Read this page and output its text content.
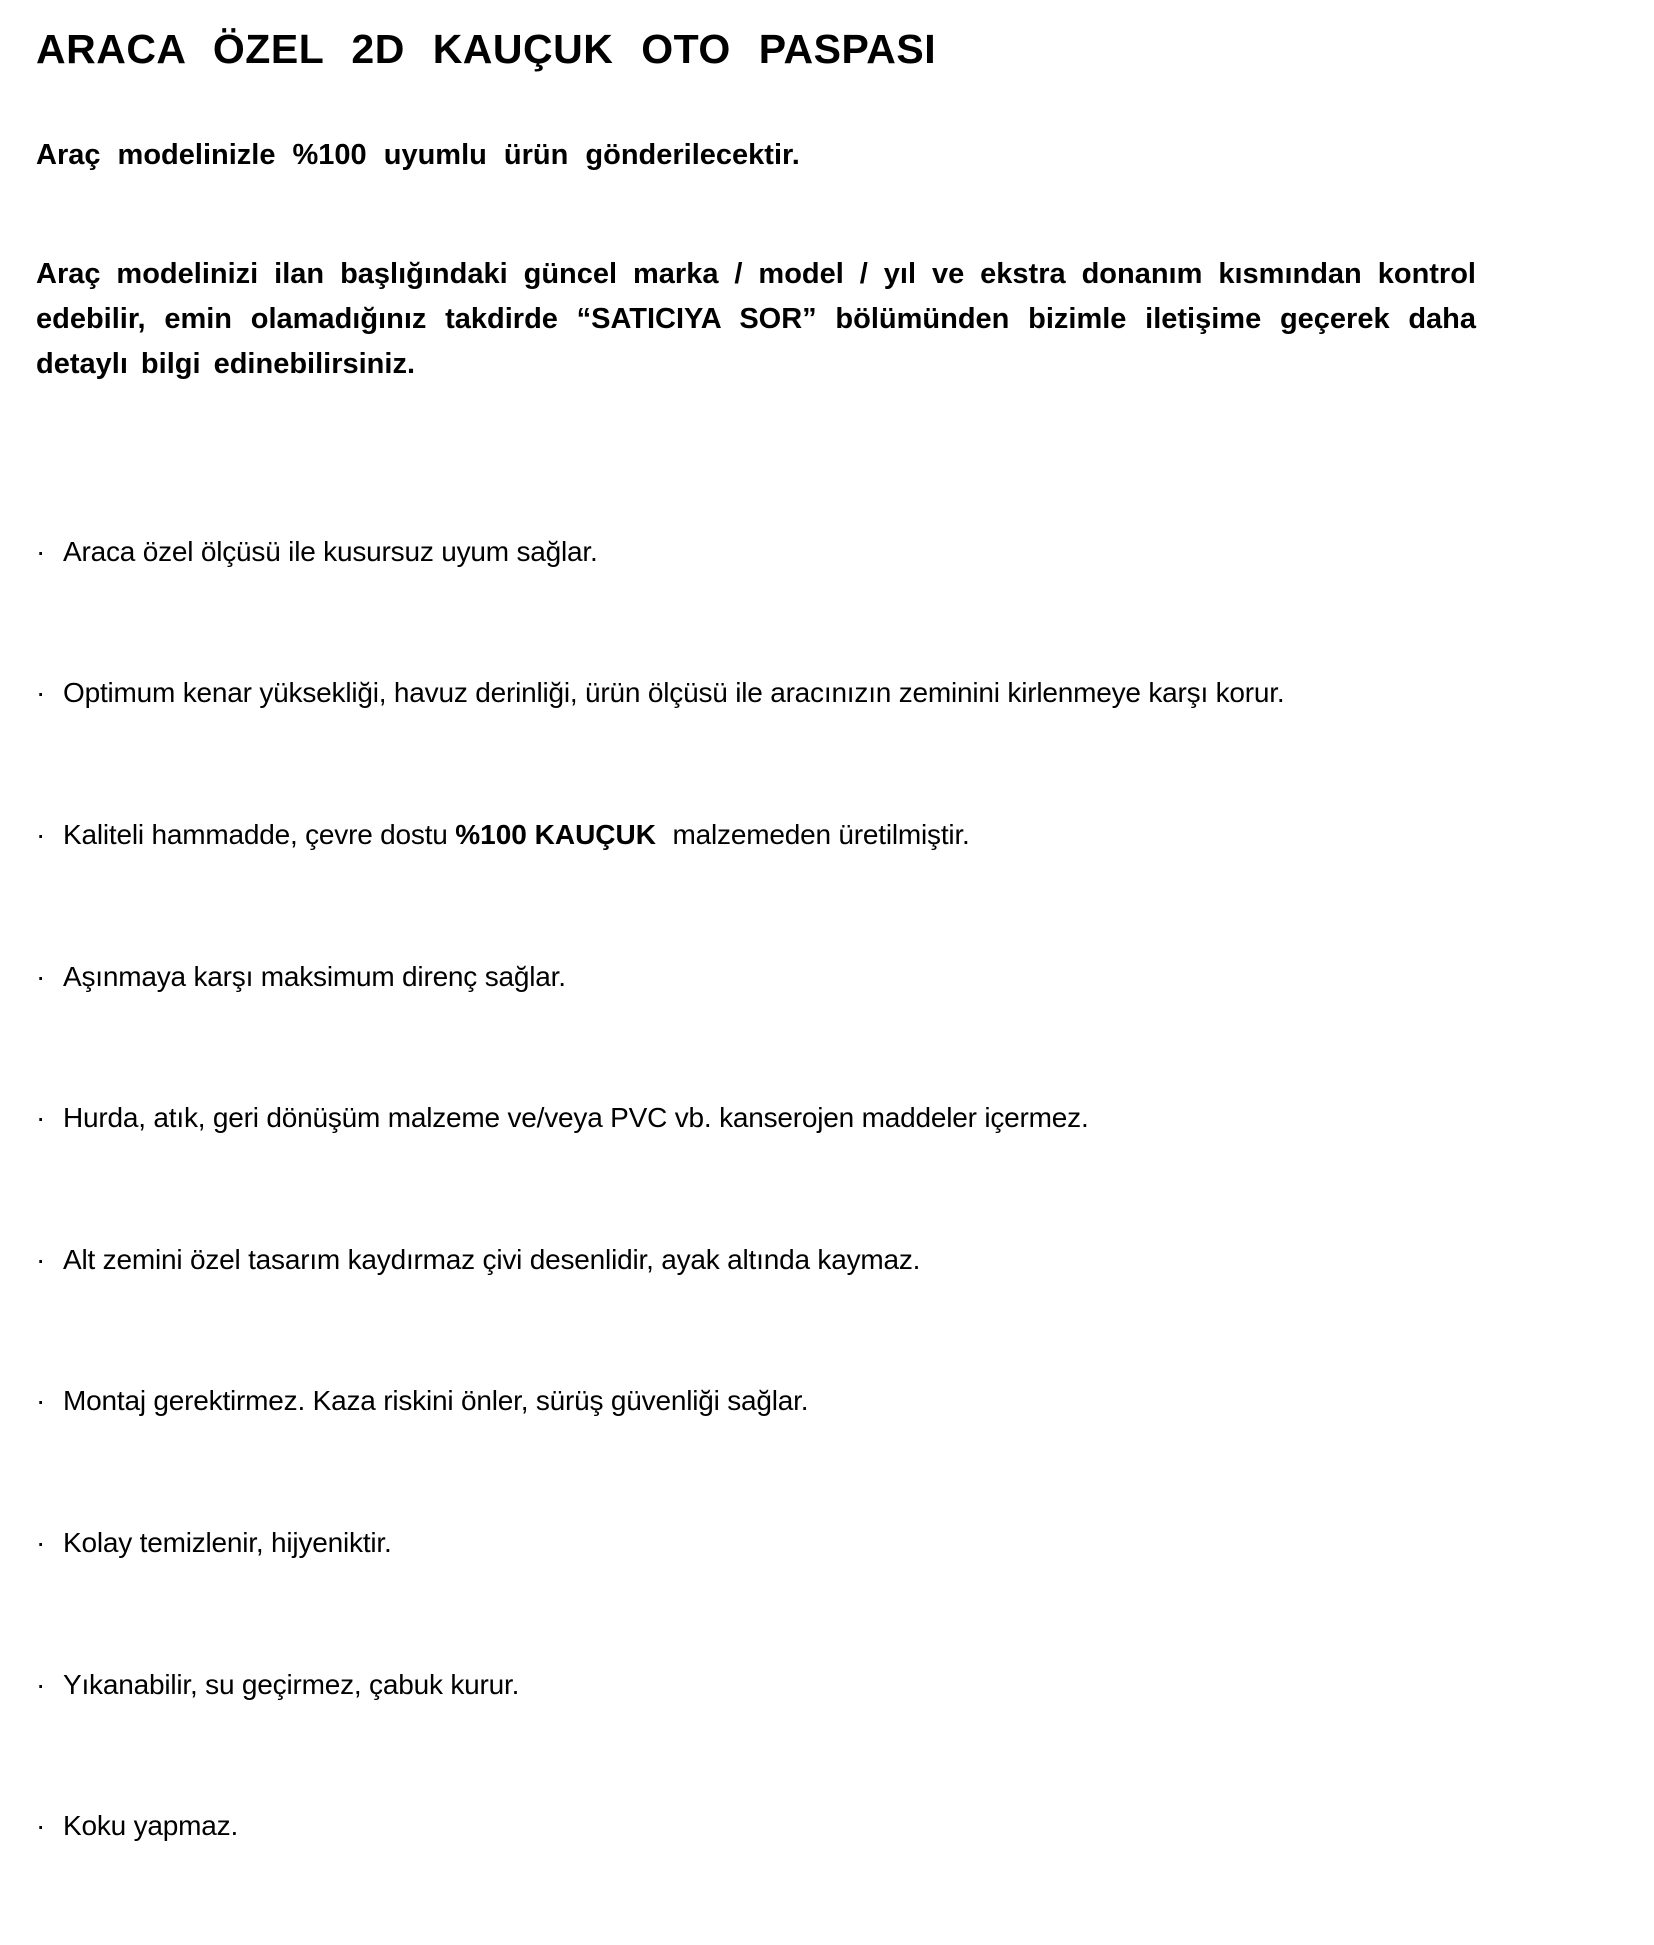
ARACA ÖZEL 2D KAUÇUK OTO PASPASI

Araç modelinizle %100 uyumlu ürün gönderilecektir.

Araç modelinizi ilan başlığındaki güncel marka / model / yıl ve ekstra donanım kısmından kontrol edebilir, emin olamadığınız takdirde “SATICIYA SOR” bölümünden bizimle iletişime geçerek daha detaylı bilgi edinebilirsiniz.

· Araca özel ölçüsü ile kusursuz uyum sağlar.
· Optimum kenar yüksekliği, havuz derinliği, ürün ölçüsü ile aracınızın zeminini kirlenmeye karşı korur.
· Kaliteli hammadde, çevre dostu %100 KAUÇUK malzemeden üretilmiştir.
· Aşınmaya karşı maksimum direnç sağlar.
· Hurda, atık, geri dönüşüm malzeme ve/veya PVC vb. kanserojen maddeler içermez.
· Alt zemini özel tasarım kaydırmaz çivi desenlidir, ayak altında kaymaz.
· Montaj gerektirmez. Kaza riskini önler, sürüş güvenliği sağlar.
· Kolay temizlenir, hijyeniktir.
· Yıkanabilir, su geçirmez, çabuk kurur.
· Koku yapmaz.
